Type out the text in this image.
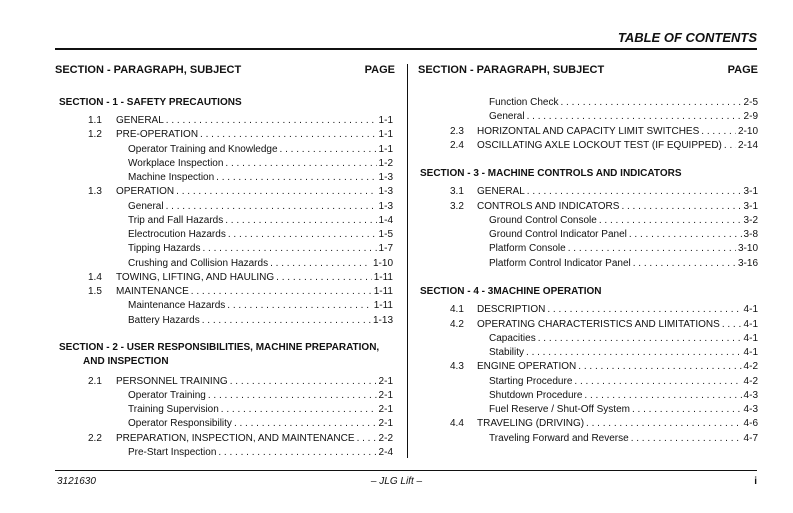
TABLE OF CONTENTS
SECTION - PARAGRAPH, SUBJECT	PAGE
SECTION - 1 - SAFETY PRECAUTIONS
1.1 GENERAL . . .	1-1
1.2 PRE-OPERATION . . .	1-1
Operator Training and Knowledge . . .	1-1
Workplace Inspection . . .	1-2
Machine Inspection . . .	1-3
1.3 OPERATION . . .	1-3
General . . .	1-3
Trip and Fall Hazards . . .	1-4
Electrocution Hazards . . .	1-5
Tipping Hazards . . .	1-7
Crushing and Collision Hazards . . .	1-10
1.4 TOWING, LIFTING, AND HAULING . . .	1-11
1.5 MAINTENANCE . . .	1-11
Maintenance Hazards . . .	1-11
Battery Hazards . . .	1-13
SECTION - 2 - USER RESPONSIBILITIES, MACHINE PREPARATION,
AND INSPECTION
2.1 PERSONNEL TRAINING . . .	2-1
Operator Training . . .	2-1
Training Supervision . . .	2-1
Operator Responsibility . . .	2-1
2.2 PREPARATION, INSPECTION, AND MAINTENANCE . . . 2-2
Pre-Start Inspection . . .	2-4
SECTION - PARAGRAPH, SUBJECT	PAGE
Function Check . . .	2-5
General . . .	2-9
2.3 HORIZONTAL AND CAPACITY LIMIT SWITCHES . . .	2-10
2.4 OSCILLATING AXLE LOCKOUT TEST (IF EQUIPPED) . . . 2-14
SECTION - 3 - MACHINE CONTROLS AND INDICATORS
3.1 GENERAL . . .	3-1
3.2 CONTROLS AND INDICATORS . . .	3-1
Ground Control Console . . .	3-2
Ground Control Indicator Panel . . .	3-8
Platform Console . . .	3-10
Platform Control Indicator Panel . . .	3-16
SECTION - 4 - 3MACHINE OPERATION
4.1 DESCRIPTION . . .	4-1
4.2 OPERATING CHARACTERISTICS AND LIMITATIONS . . . 4-1
Capacities . . .	4-1
Stability . . .	4-1
4.3 ENGINE OPERATION . . .	4-2
Starting Procedure . . .	4-2
Shutdown Procedure . . .	4-3
Fuel Reserve / Shut-Off System . . .	4-3
4.4 TRAVELING (DRIVING) . . .	4-6
Traveling Forward and Reverse . . .	4-7
3121630	– JLG Lift –	i
